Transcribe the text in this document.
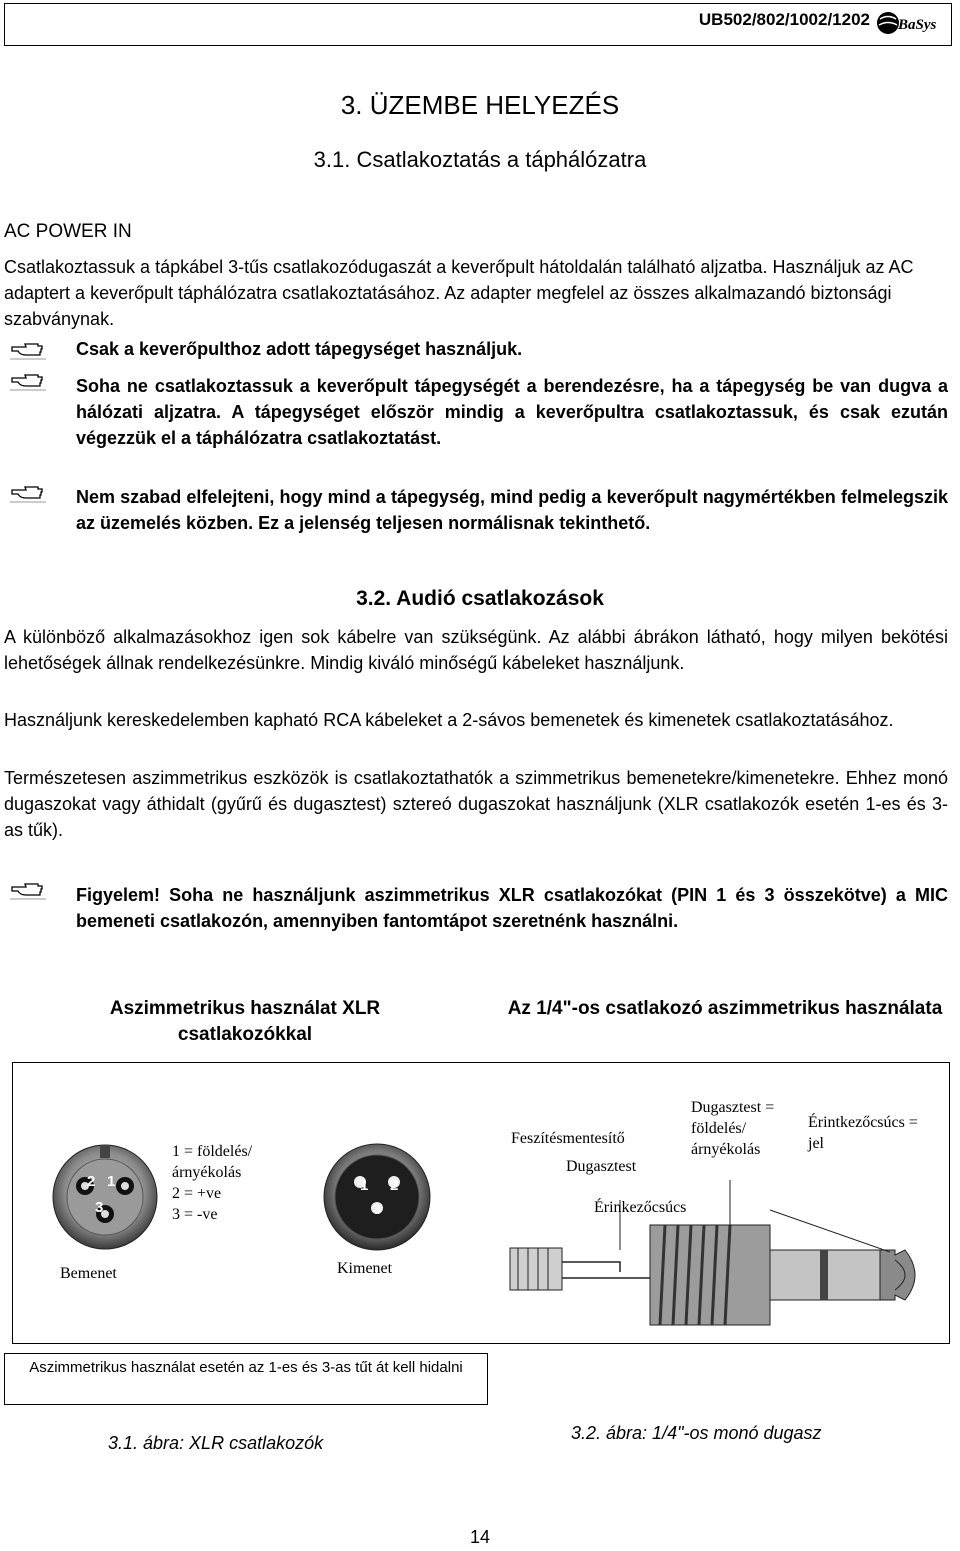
UB502/802/1002/1202 BaSys
3. ÜZEMBE HELYEZÉS
3.1. Csatlakoztatás a táphálózatra
AC POWER IN
Csatlakoztassuk a tápkábel 3-tűs csatlakozódugaszát a keverőpult hátoldalán található aljzatba. Használjuk az AC adaptert a keverőpult táphálózatra csatlakoztatásához. Az adapter megfelel az összes alkalmazandó biztonsági szabványnak.
Csak a keverőpulthoz adott tápegységet használjuk.
Soha ne csatlakoztassuk a keverőpult tápegységét a berendezésre, ha a tápegység be van dugva a hálózati aljzatra. A tápegységet először mindig a keverőpultra csatlakoztassuk, és csak ezután végezzük el a táphálózatra csatlakoztatást.
Nem szabad elfelejteni, hogy mind a tápegység, mind pedig a keverőpult nagymértékben felmelegszik az üzemelés közben. Ez a jelenség teljesen normálisnak tekinthető.
3.2. Audió csatlakozások
A különböző alkalmazásokhoz igen sok kábelre van szükségünk. Az alábbi ábrákon látható, hogy milyen bekötési lehetőségek állnak rendelkezésünkre. Mindig kiváló minőségű kábeleket használjunk.
Használjunk kereskedelemben kapható RCA kábeleket a 2-sávos bemenetek és kimenetek csatlakoztatásához.
Természetesen aszimmetrikus eszközök is csatlakoztathatók a szimmetrikus bemenetekre/kimenetekre. Ehhez monó dugaszokat vagy áthidalt (gyűrű és dugasztest) sztereó dugaszokat használjunk (XLR csatlakozók esetén 1-es és 3-as tűk).
Figyelem! Soha ne használjunk aszimmetrikus XLR csatlakozókat (PIN 1 és 3 összekötve) a MIC bemeneti csatlakozón, amennyiben fantomtápot szeretnénk használni.
Aszimmetrikus használat XLR csatlakozókkal
Az 1/4"-os csatlakozó aszimmetrikus használata
1 = földelés/
árnyékolás
2 = +ve
3 = -ve
2 1
3
Bemenet
1 2
3
Kimenet
Feszítésmentesítő
Dugasztest
Dugasztest =
földelés/
árnyékolás
Érintkezőcsúcs =
jel
Érinkezőcsúcs
Aszimmetrikus használat esetén az 1-es és 3-as tűt át kell hidalni
3.1. ábra: XLR csatlakozók	3.2. ábra: 1/4"-os monó dugasz
14
